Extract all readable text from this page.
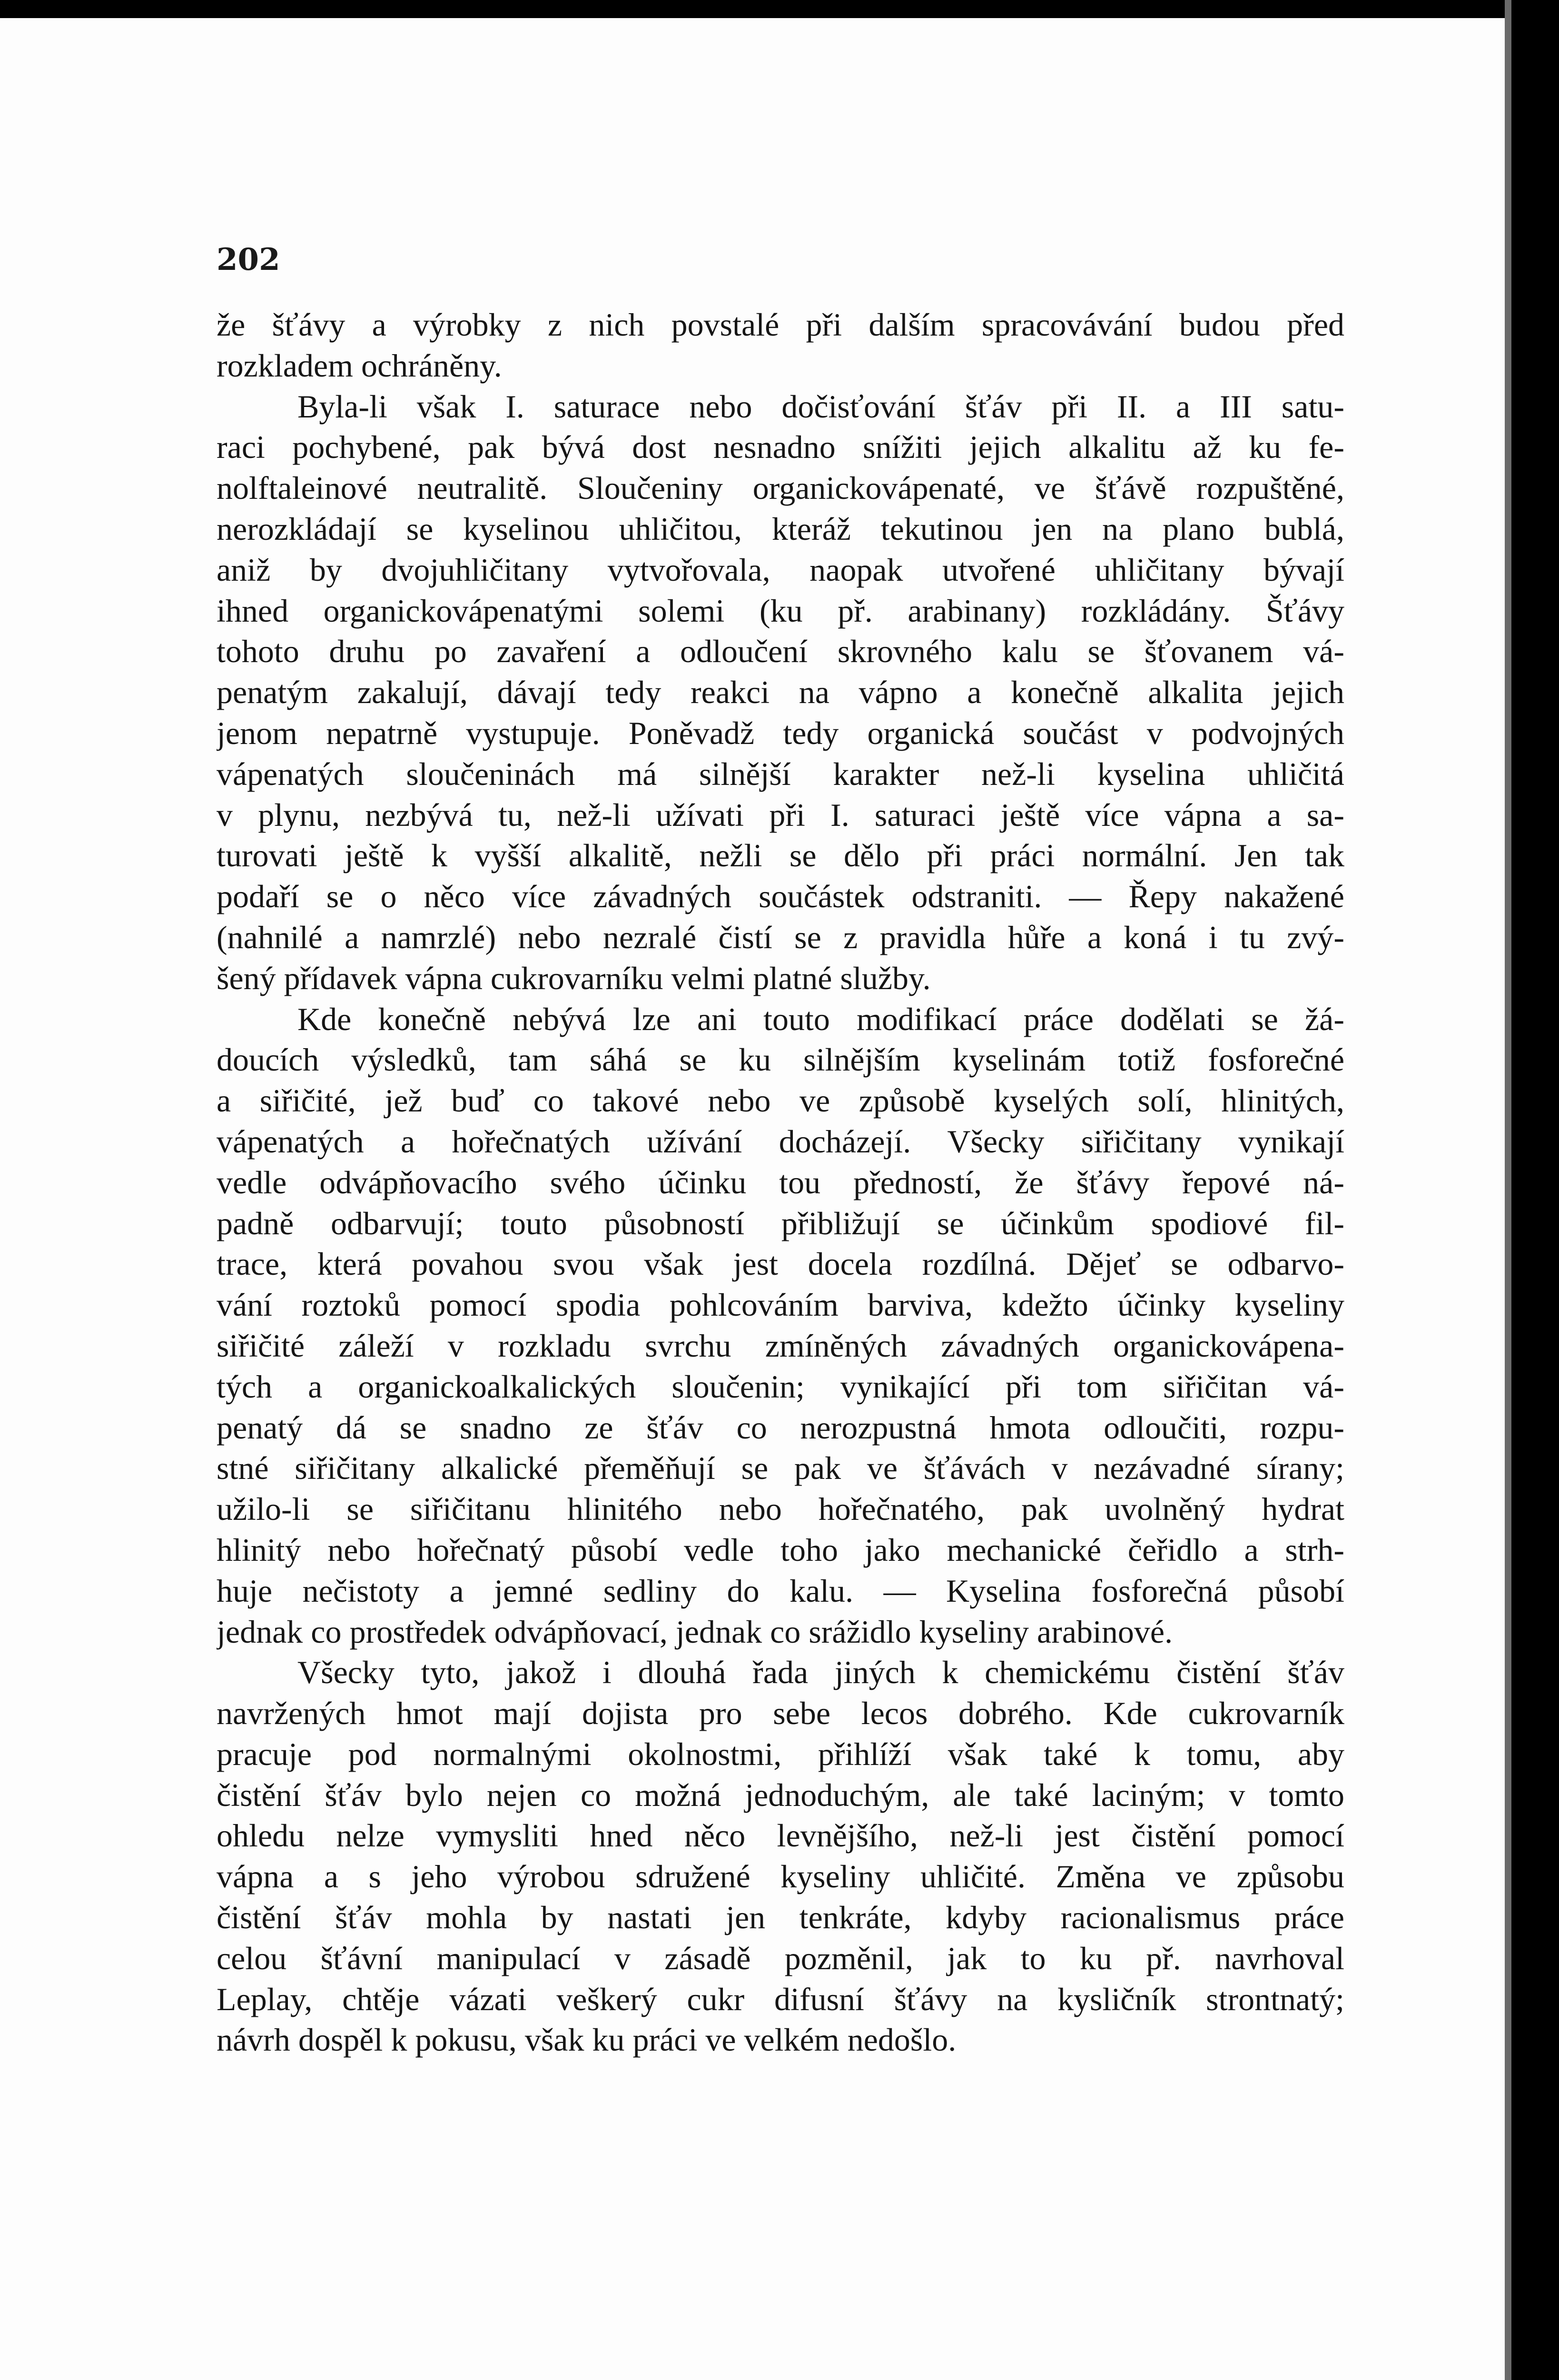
202
že šťávy a výrobky z nich povstalé při dalším spracovávání budou před
rozkladem ochráněny.
Byla-li však I. saturace nebo dočisťování šťáv při II. a III satu-
raci pochybené, pak bývá dost nesnadno snížiti jejich alkalitu až ku fe-
nolftaleinové neutralitě. Sloučeniny organickovápenaté, ve šťávě rozpuštěné,
nerozkládají se kyselinou uhličitou, kteráž tekutinou jen na plano bublá,
aniž by dvojuhličitany vytvořovala, naopak utvořené uhličitany bývají
ihned organickovápenatými solemi (ku př. arabinany) rozkládány. Šťávy
tohoto druhu po zavaření a odloučení skrovného kalu se šťovanem vá-
penatým zakalují, dávají tedy reakci na vápno a konečně alkalita jejich
jenom nepatrně vystupuje. Poněvadž tedy organická součást v podvojných
vápenatých sloučeninách má silnější karakter než-li kyselina uhličitá
v plynu, nezbývá tu, než-li užívati při I. saturaci ještě více vápna a sa-
turovati ještě k vyšší alkalitě, nežli se dělo při práci normální. Jen tak
podaří se o něco více závadných součástek odstraniti. — Řepy nakažené
(nahnilé a namrzlé) nebo nezralé čistí se z pravidla hůře a koná i tu zvý-
šený přídavek vápna cukrovarníku velmi platné služby.
Kde konečně nebývá lze ani touto modifikací práce dodělati se žá-
doucích výsledků, tam sáhá se ku silnějším kyselinám totiž fosforečné
a siřičité, jež buď co takové nebo ve způsobě kyselých solí, hlinitých,
vápenatých a hořečnatých užívání docházejí. Všecky siřičitany vynikají
vedle odvápňovacího svého účinku tou předností, že šťávy řepové ná-
padně odbarvují; touto působností přibližují se účinkům spodiové fil-
trace, která povahou svou však jest docela rozdílná. Dějeť se odbarvo-
vání roztoků pomocí spodia pohlcováním barviva, kdežto účinky kyseliny
siřičité záleží v rozkladu svrchu zmíněných závadných organickovápena-
tých a organickoalkalických sloučenin; vynikající při tom siřičitan vá-
penatý dá se snadno ze šťáv co nerozpustná hmota odloučiti, rozpu-
stné siřičitany alkalické přeměňují se pak ve šťávách v nezávadné sírany;
užilo-li se siřičitanu hlinitého nebo hořečnatého, pak uvolněný hydrat
hlinitý nebo hořečnatý působí vedle toho jako mechanické čeřidlo a strh-
huje nečistoty a jemné sedliny do kalu. — Kyselina fosforečná působí
jednak co prostředek odvápňovací, jednak co srážidlo kyseliny arabinové.
Všecky tyto, jakož i dlouhá řada jiných k chemickému čistění šťáv
navržených hmot mají dojista pro sebe lecos dobrého. Kde cukrovarník
pracuje pod normalnými okolnostmi, přihlíží však také k tomu, aby
čistění šťáv bylo nejen co možná jednoduchým, ale také laciným; v tomto
ohledu nelze vymysliti hned něco levnějšího, než-li jest čistění pomocí
vápna a s jeho výrobou sdružené kyseliny uhličité. Změna ve způsobu
čistění šťáv mohla by nastati jen tenkráte, kdyby racionalismus práce
celou šťávní manipulací v zásadě pozměnil, jak to ku př. navrhoval
Leplay, chtěje vázati veškerý cukr difusní šťávy na kysličník strontnatý;
návrh dospěl k pokusu, však ku práci ve velkém nedošlo.
